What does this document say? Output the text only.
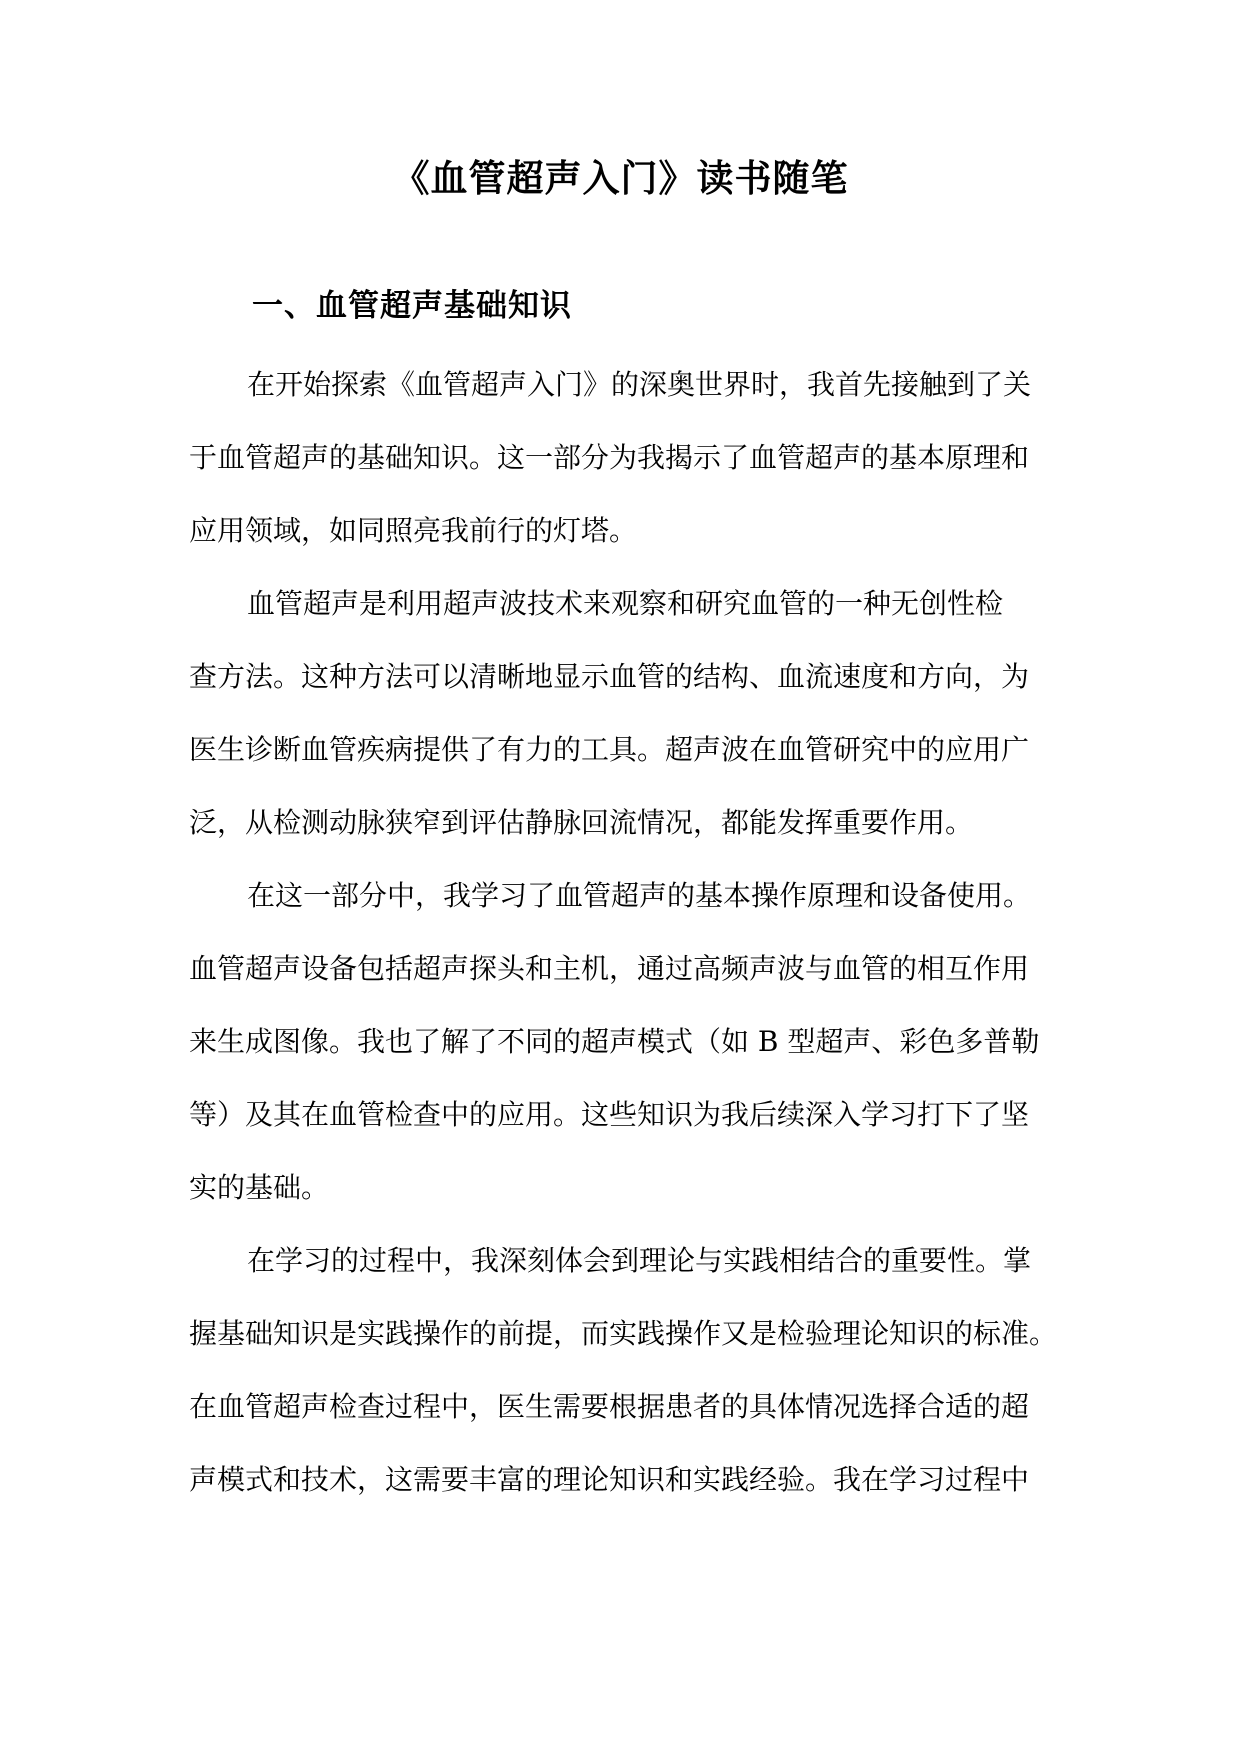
《血管超声入门》读书随笔
一、血管超声基础知识
在开始探索《血管超声入门》的深奥世界时，我首先接触到了关
于血管超声的基础知识。这一部分为我揭示了血管超声的基本原理和
应用领域，如同照亮我前行的灯塔。
血管超声是利用超声波技术来观察和研究血管的一种无创性检
查方法。这种方法可以清晰地显示血管的结构、血流速度和方向，为
医生诊断血管疾病提供了有力的工具。超声波在血管研究中的应用广
泛，从检测动脉狭窄到评估静脉回流情况，都能发挥重要作用。
在这一部分中，我学习了血管超声的基本操作原理和设备使用。
血管超声设备包括超声探头和主机，通过高频声波与血管的相互作用
来生成图像。我也了解了不同的超声模式（如 B 型超声、彩色多普勒
等）及其在血管检查中的应用。这些知识为我后续深入学习打下了坚
实的基础。
在学习的过程中，我深刻体会到理论与实践相结合的重要性。掌
握基础知识是实践操作的前提，而实践操作又是检验理论知识的标准。
在血管超声检查过程中，医生需要根据患者的具体情况选择合适的超
声模式和技术，这需要丰富的理论知识和实践经验。我在学习过程中
